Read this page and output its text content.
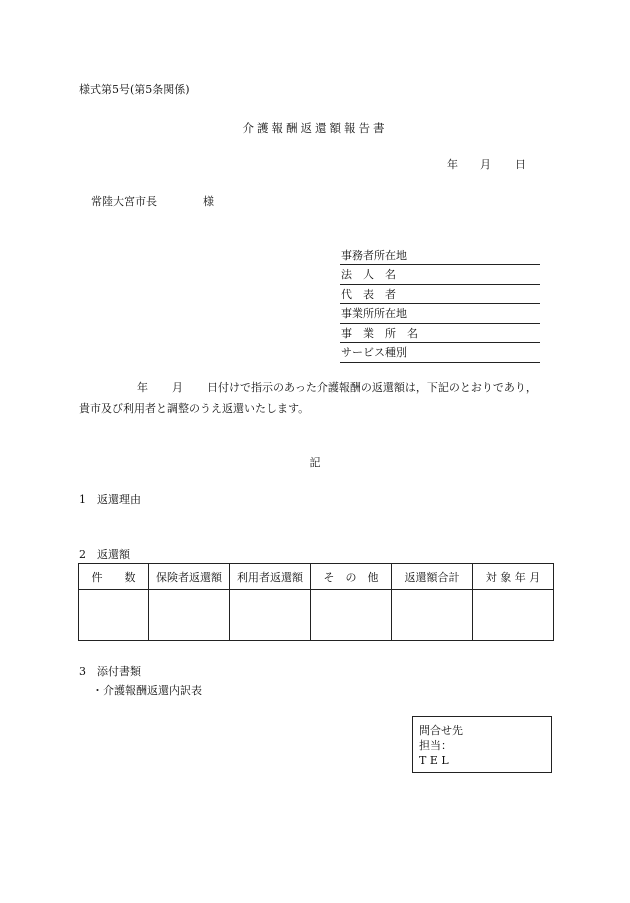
様式第5号(第5条関係)
介護報酬返還額報告書
年 月 日
常陸大宮市長	様
事務者所在地
法　人　名
代　表　者
事業所所在地
事　業　所　名
サービス種別
年 月 日付けで指示のあった介護報酬の返還額は，下記のとおりであり，
貴市及び利用者と調整のうえ返還いたします。
記
1　返還理由
2　返還額
件　　数	保険者返還額	利用者返還額	そ　の　他	返還額合計	対 象 年 月

3　添付書類
・介護報酬返還内訳表
問合せ先
担当：
T E L
